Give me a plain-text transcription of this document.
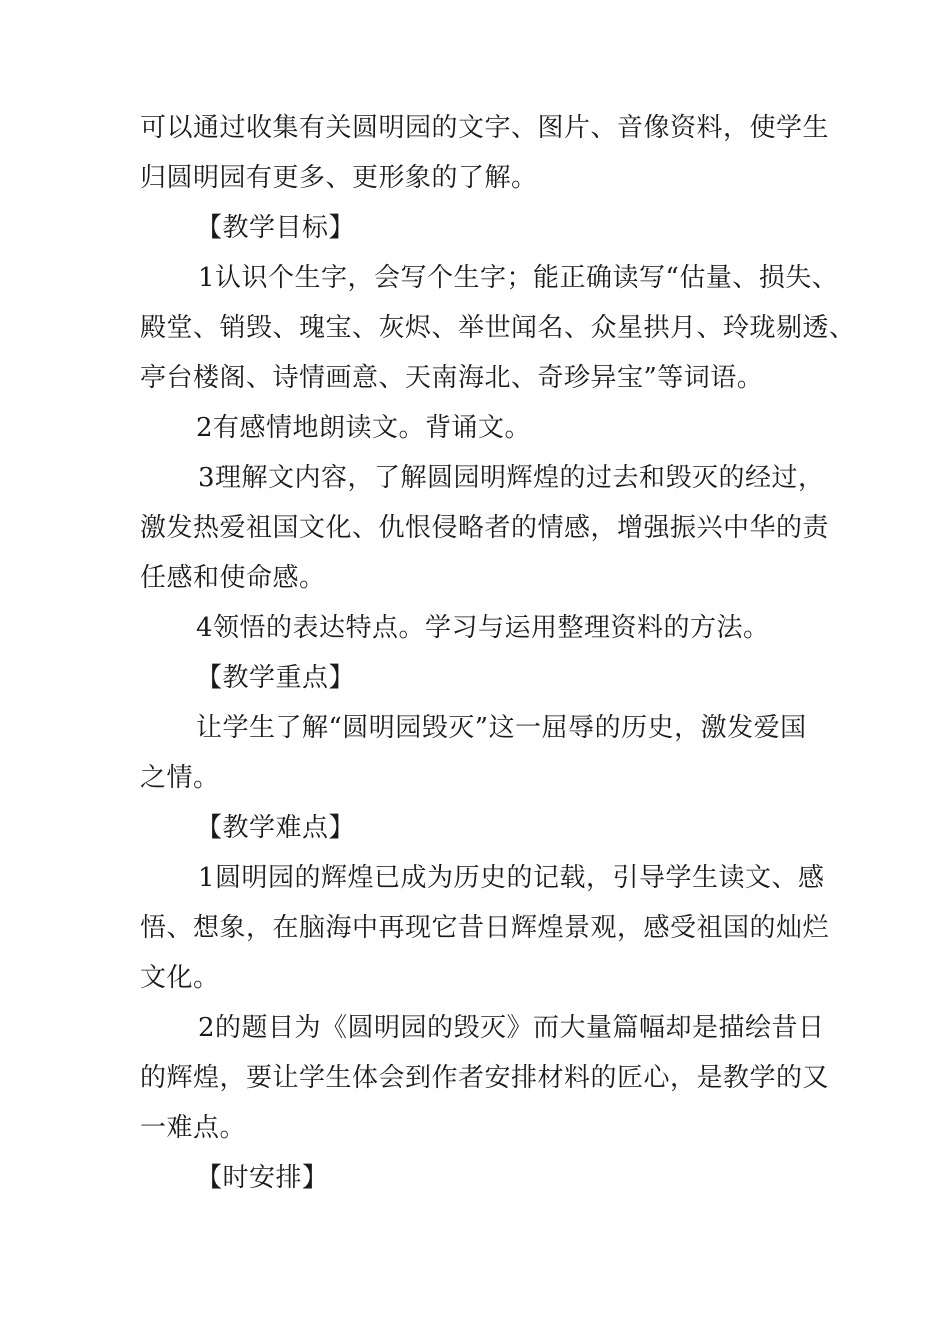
可以通过收集有关圆明园的文字、图片、音像资料，使学生
归圆明园有更多、更形象的了解。
【教学目标】
1认识个生字，会写个生字；能正确读写“估量、损失、
殿堂、销毁、瑰宝、灰烬、举世闻名、众星拱月、玲珑剔透、
亭台楼阁、诗情画意、天南海北、奇珍异宝”等词语。
2有感情地朗读文。背诵文。
3理解文内容，了解圆园明辉煌的过去和毁灭的经过，
激发热爱祖国文化、仇恨侵略者的情感，增强振兴中华的责
任感和使命感。
4领悟的表达特点。学习与运用整理资料的方法。
【教学重点】
让学生了解“圆明园毁灭”这一屈辱的历史，激发爱国
之情。
【教学难点】
1圆明园的辉煌已成为历史的记载，引导学生读文、感
悟、想象，在脑海中再现它昔日辉煌景观，感受祖国的灿烂
文化。
2的题目为《圆明园的毁灭》而大量篇幅却是描绘昔日
的辉煌，要让学生体会到作者安排材料的匠心，是教学的又
一难点。
【时安排】
